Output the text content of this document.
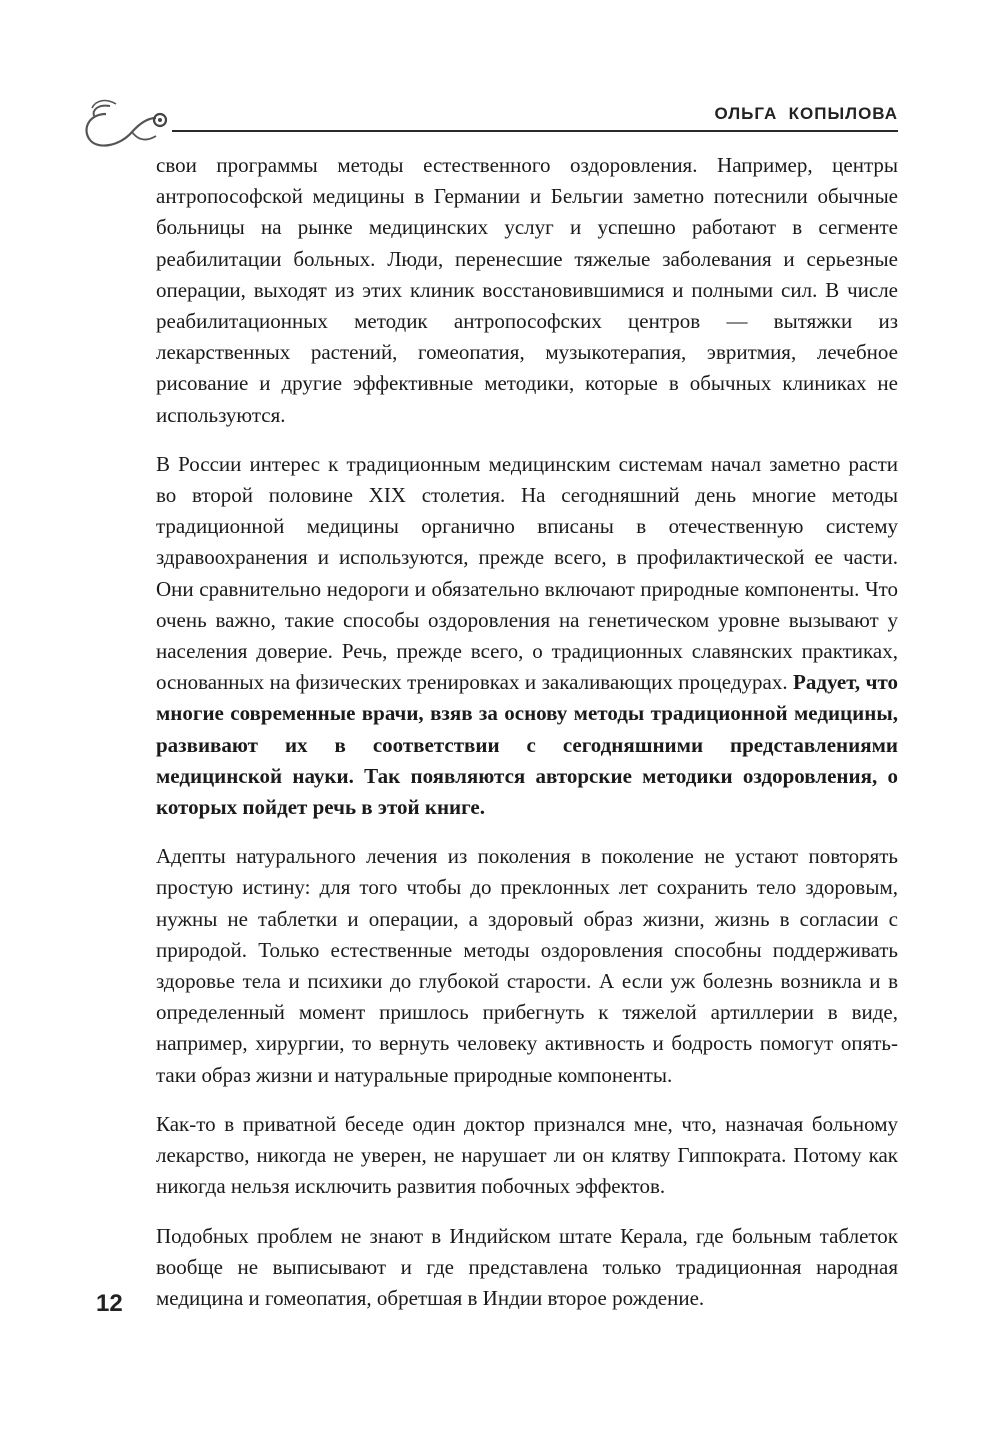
ОЛЬГА  КОПЫЛОВА

свои программы методы естественного оздоровления. Например, центры антропософской медицины в Германии и Бельгии заметно потеснили обычные больницы на рынке медицинских услуг и успешно работают в сегменте реабилитации больных. Люди, перенесшие тяжелые заболевания и серьезные операции, выходят из этих клиник восстановившимися и полными сил. В числе реабилитационных методик антропософских центров — вытяжки из лекарственных растений, гомеопатия, музыкотерапия, эвритмия, лечебное рисование и другие эффективные методики, которые в обычных клиниках не используются.

В России интерес к традиционным медицинским системам начал заметно расти во второй половине XIX столетия. На сегодняшний день многие методы традиционной медицины органично вписаны в отечественную систему здравоохранения и используются, прежде всего, в профилактической ее части. Они сравнительно недороги и обязательно включают природные компоненты. Что очень важно, такие способы оздоровления на генетическом уровне вызывают у населения доверие. Речь, прежде всего, о традиционных славянских практиках, основанных на физических тренировках и закаливающих процедурах. Радует, что многие современные врачи, взяв за основу методы традиционной медицины, развивают их в соответствии с сегодняшними представлениями медицинской науки. Так появляются авторские методики оздоровления, о которых пойдет речь в этой книге.

Адепты натурального лечения из поколения в поколение не устают повторять простую истину: для того чтобы до преклонных лет сохранить тело здоровым, нужны не таблетки и операции, а здоровый образ жизни, жизнь в согласии с природой. Только естественные методы оздоровления способны поддерживать здоровье тела и психики до глубокой старости. А если уж болезнь возникла и в определенный момент пришлось прибегнуть к тяжелой артиллерии в виде, например, хирургии, то вернуть человеку активность и бодрость помогут опять-таки образ жизни и натуральные природные компоненты.

Как-то в приватной беседе один доктор признался мне, что, назначая больному лекарство, никогда не уверен, не нарушает ли он клятву Гиппократа. Потому как никогда нельзя исключить развития побочных эффектов.

Подобных проблем не знают в Индийском штате Керала, где больным таблеток вообще не выписывают и где представлена только традиционная народная медицина и гомеопатия, обретшая в Индии второе рождение.

12
